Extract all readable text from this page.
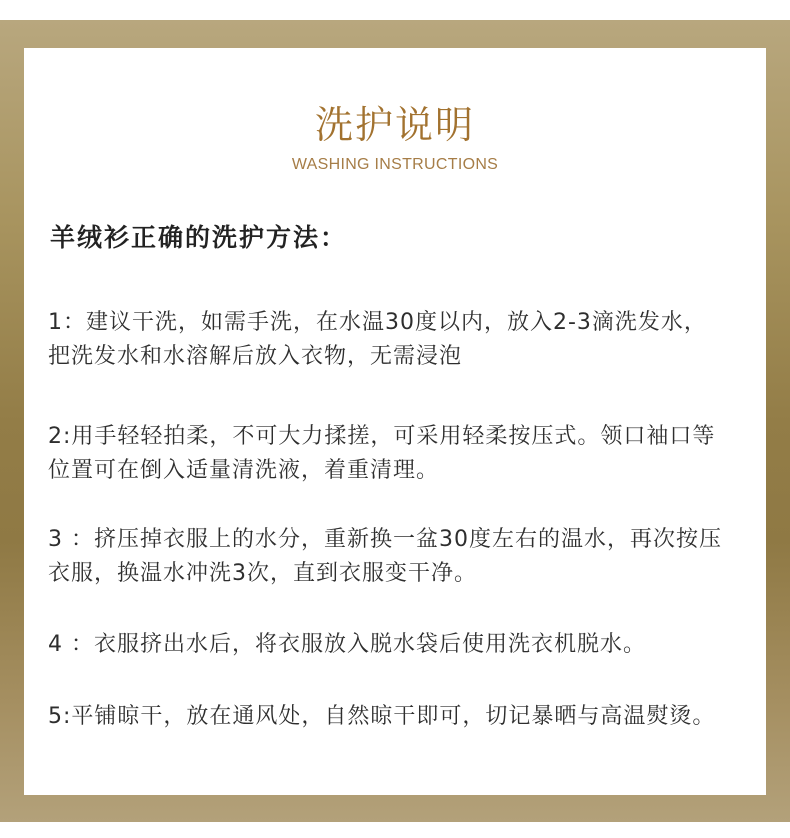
洗护说明
WASHING INSTRUCTIONS
羊绒衫正确的洗护方法：
1：建议干洗，如需手洗，在水温30度以内，放入2-3滴洗发水，
把洗发水和水溶解后放入衣物，无需浸泡
2:用手轻轻拍柔，不可大力揉搓，可采用轻柔按压式。领口袖口等
位置可在倒入适量清洗液，着重清理。
3 ：挤压掉衣服上的水分，重新换一盆30度左右的温水，再次按压
衣服，换温水冲洗3次，直到衣服变干净。
4 ：衣服挤出水后，将衣服放入脱水袋后使用洗衣机脱水。
5:平铺晾干，放在通风处，自然晾干即可，切记暴晒与高温熨烫。
